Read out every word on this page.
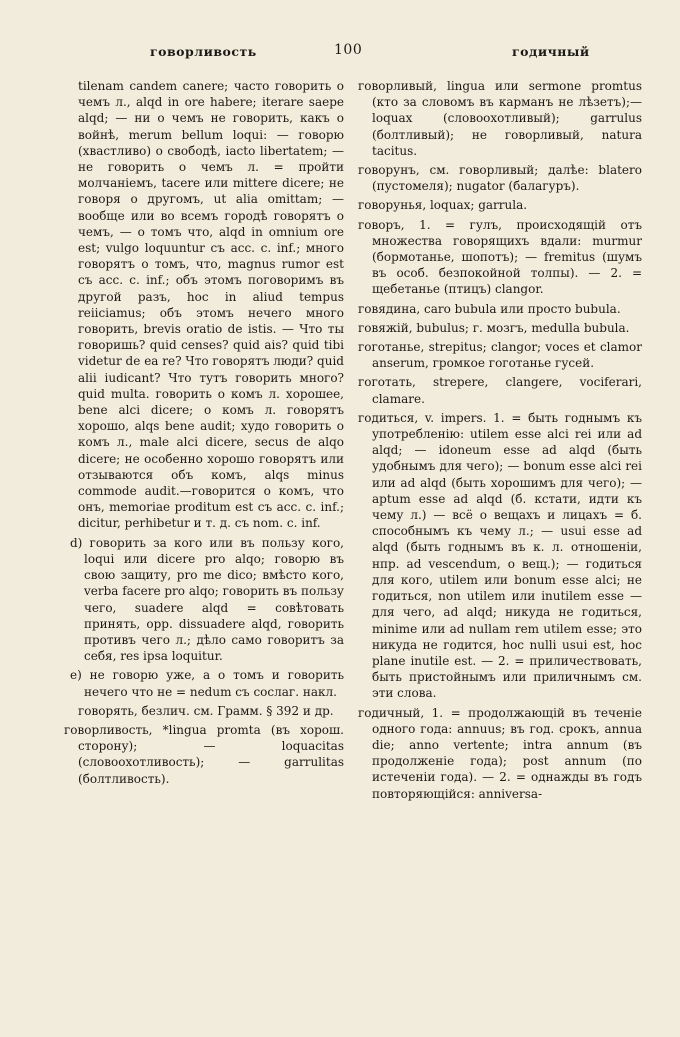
говорливость	100	годичный

tilenam candem canere; часто говорить о чемъ л., alqd in ore habere; iterare saepe alqd; — ни о чемъ не говорить, какъ о войнѣ, merum bellum loqui: — говорю (хвастливо) о свободѣ, iacto libertatem; — не говорить о чемъ л. = пройти молчаніемъ, tacere или mittere dicere; не говоря о другомъ, ut alia omittam; — вообще или во всемъ городѣ говорятъ о чемъ, — о томъ что, alqd in omnium ore est; vulgo loquuntur съ acc. c. inf.; много говорятъ о томъ, что, magnus rumor est съ acc. c. inf.; объ этомъ поговоримъ въ другой разъ, hoc in aliud tempus reiiciamus; объ этомъ нечего много говорить, brevis oratio de istis. — Что ты говоришь? quid censes? quid ais? quid tibi videtur de ea re? Что говорятъ люди? quid alii iudicant? Что тутъ говорить много? quid multa. говорить о комъ л. хорошее, bene alci dicere; о комъ л. говорятъ хорошо, alqs bene audit; худо говорить о комъ л., male alci dicere, secus de alqo dicere; не особенно хорошо говорятъ или отзываются объ комъ, alqs minus commode audit.—говорится о комъ, что онъ, memoriae proditum est съ acc. c. inf.; dicitur, perhibetur и т. д. съ nom. c. inf.

d) говорить за кого или въ пользу кого, loqui или dicere pro alqo; говорю въ свою защиту, pro me dico; вмѣсто кого, verba facere pro alqo; говорить въ пользу чего, suadere alqd = совѣтовать принять, opp. dissuadere alqd, говорить противъ чего л.; дѣло само говоритъ за себя, res ipsa loquitur.

e) не говорю уже, а о томъ и говорить нечего что не = nedum съ сослаг. накл.

говорять, безлич. см. Грамм. § 392 и др.

говорливость, *lingua promta (въ хорош. сторону); — loquacitas (словоохотливость); — garrulitas (болтливость).

говорливый, lingua или sermone promtus (кто за словомъ въ карманъ не лѣзетъ);—loquax (словоохотливый); garrulus (болтливый); не говорливый, natura tacitus.

говорунъ, см. говорливый; далѣе: blatero (пустомеля); nugator (балагуръ).

говорунья, loquax; garrula.

говоръ, 1. = гулъ, происходящій отъ множества говорящихъ вдали: murmur (бормотанье, шопотъ); — fremitus (шумъ въ особ. безпокойной толпы). — 2. = щебетанье (птицъ) clangor.

говядина, caro bubula или просто bubula.

говяжій, bubulus; г. мозгъ, medulla bubula.

гоготанье, strepitus; clangor; voces et clamor anserum, громкое гоготанье гусей.

гоготать, strepere, clangere, vociferari, clamare.

годиться, v. impers. 1. = быть годнымъ къ употребленію: utilem esse alci rei или ad alqd; — idoneum esse ad alqd (быть удобнымъ для чего); — bonum esse alci rei или ad alqd (быть хорошимъ для чего); — aptum esse ad alqd (б. кстати, идти къ чему л.) — всё о вещахъ и лицахъ = б. способнымъ къ чему л.; — usui esse ad alqd (быть годнымъ въ к. л. отношеніи, нпр. ad vescendum, о вещ.); — годиться для кого, utilem или bonum esse alci; не годиться, non utilem или inutilem esse — для чего, ad alqd; никуда не годиться, minime или ad nullam rem utilem esse; это никуда не годится, hoc nulli usui est, hoc plane inutile est. — 2. = приличествовать, быть пристойнымъ или приличнымъ см. эти слова.

годичный, 1. = продолжающій въ теченіе одного года: annuus; въ год. срокъ, annua die; anno vertente; intra annum (въ продолженіе года); post annum (по истеченіи года). — 2. = однажды въ годъ повторяющійся: anniversa-
